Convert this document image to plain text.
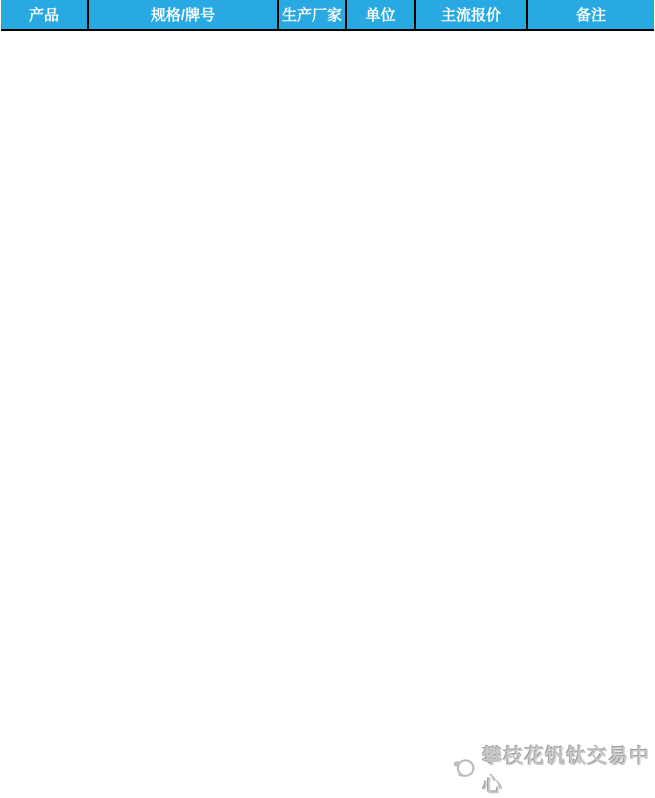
产品	规格/牌号	生产厂家	单位	主流报价	备注
攀枝花钒钛交易中心
